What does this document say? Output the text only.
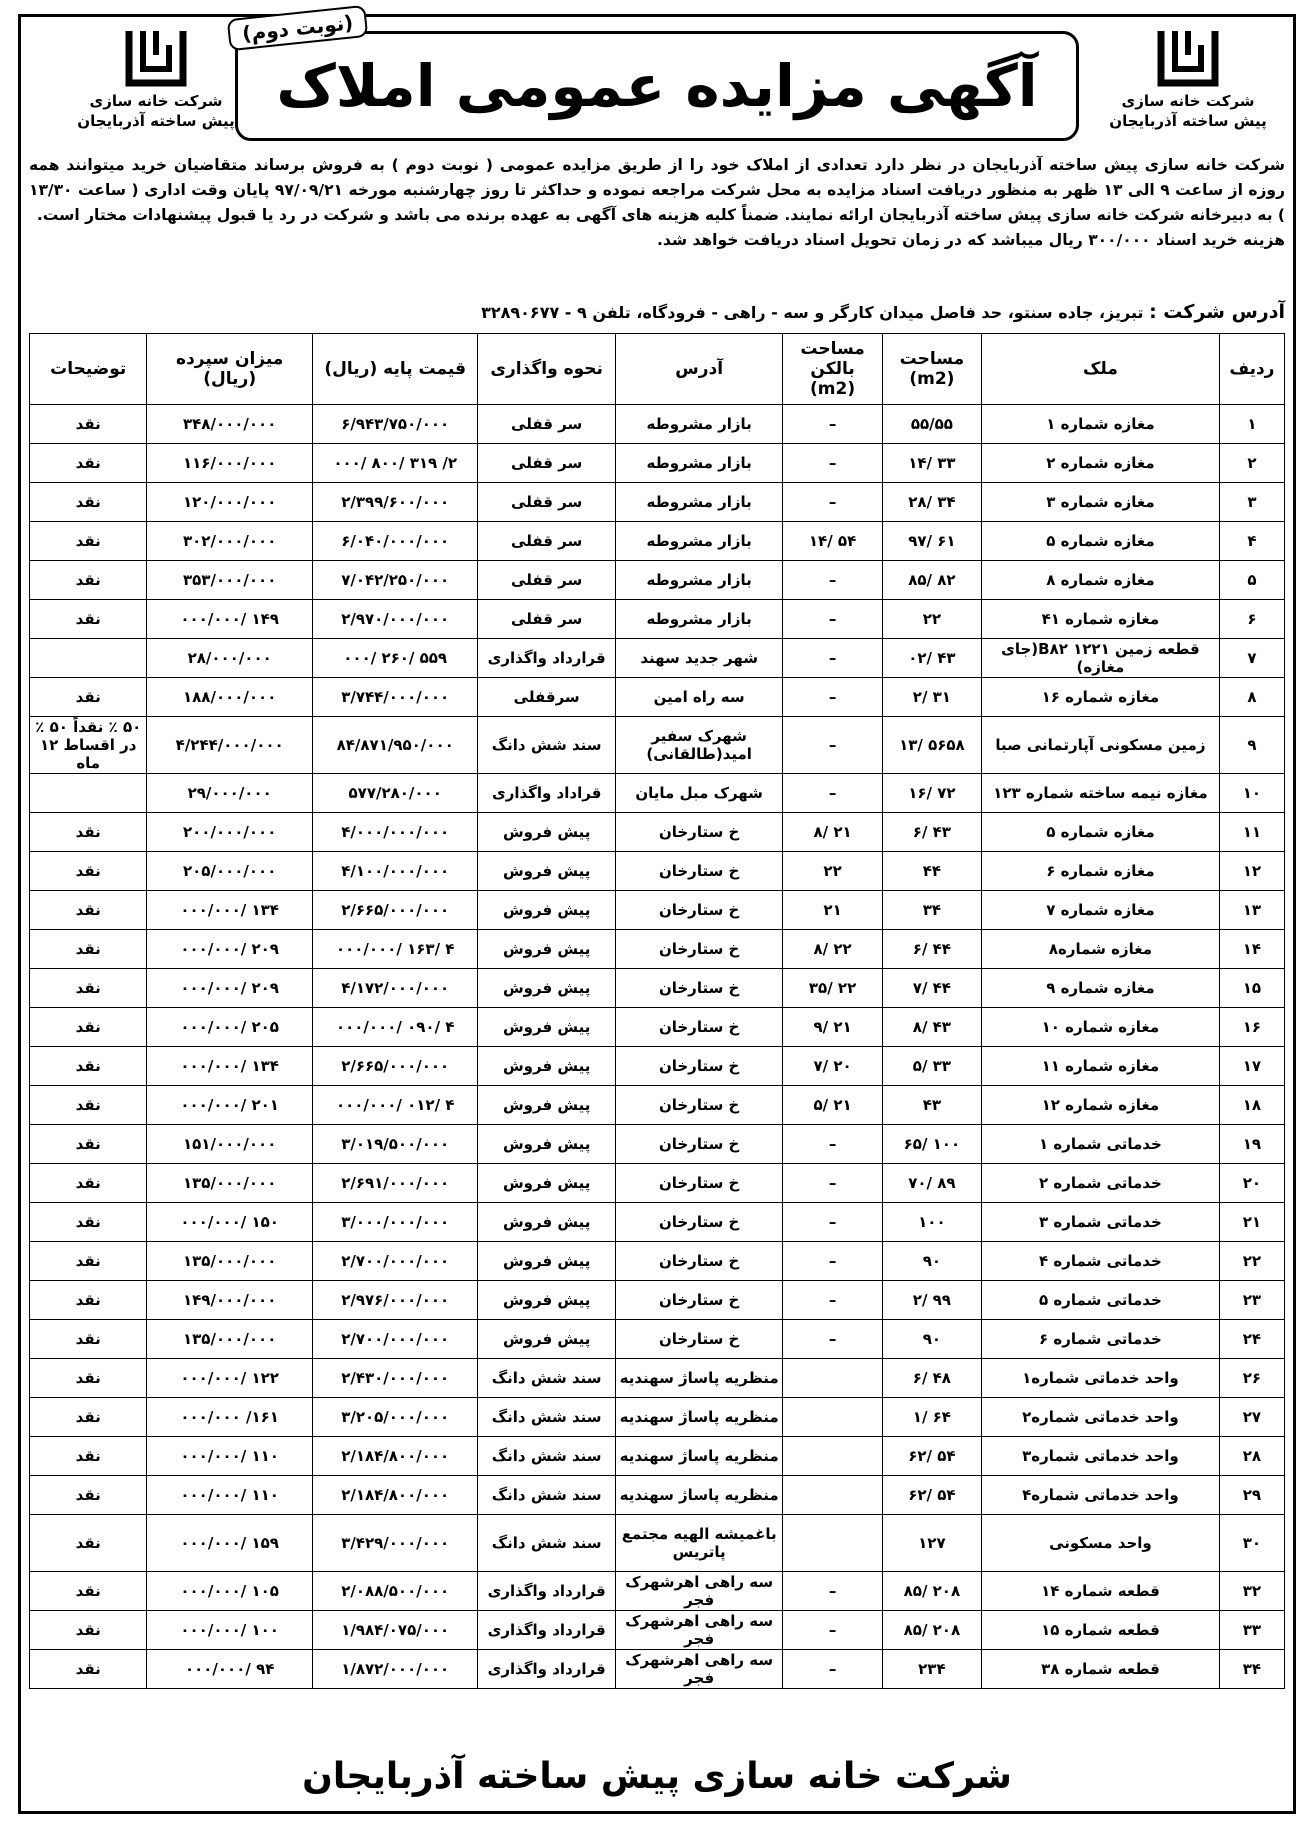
شرکت خانه سازی
پیش ساخته آذربایجان
شرکت خانه سازی
پیش ساخته آذربایجان
(نوبت دوم)
آگهی مزایده عمومی املاک

شرکت خانه سازی پیش ساخته آذربایجان در نظر دارد تعدادی از املاک خود را از طریق مزایده عمومی ( نوبت دوم ) به فروش برساند متقاضیان خرید میتوانند همه روزه از ساعت ۹ الی ۱۳ ظهر به منظور دریافت اسناد مزایده به محل شرکت مراجعه نموده و حداکثر تا روز چهارشنبه مورخه ۹۷/۰۹/۲۱ پایان وقت اداری ( ساعت ۱۳/۳۰ ) به دبیرخانه شرکت خانه سازی پیش ساخته آذربایجان ارائه نمایند. ضمناً کلیه هزینه های آگهی به عهده برنده می باشد و شرکت در رد یا قبول پیشنهادات مختار است.

هزینه خرید اسناد ۳۰۰/۰۰۰ ریال میباشد که در زمان تحویل اسناد دریافت خواهد شد.

آدرس شرکت : تبریز، جاده سنتو، حد فاصل میدان کارگر و سه - راهی - فرودگاه، تلفن ۹ - ۳۲۸۹۰۶۷۷
ردیف	ملک	مساحت (m2)	مساحت بالکن (m2)	آدرس	نحوه واگذاری	قیمت پایه (ریال)	میزان سپرده (ریال)	توضیحات
۱	مغازه شماره ۱	۵۵/۵۵	–	بازار مشروطه	سر قفلی	۶/۹۴۳/۷۵۰/۰۰۰	۳۴۸/۰۰۰/۰۰۰	نقد
۲	مغازه شماره ۲	۳۳ /۱۴	–	بازار مشروطه	سر قفلی	۲/ ۳۱۹ /۸۰۰ /۰۰۰	۱۱۶/۰۰۰/۰۰۰	نقد
۳	مغازه شماره ۳	۳۴ /۲۸	–	بازار مشروطه	سر قفلی	۲/۳۹۹/۶۰۰/۰۰۰	۱۲۰/۰۰۰/۰۰۰	نقد
۴	مغازه شماره ۵	۶۱ /۹۷	۵۴ /۱۴	بازار مشروطه	سر قفلی	۶/۰۴۰/۰۰۰/۰۰۰	۳۰۲/۰۰۰/۰۰۰	نقد
۵	مغازه شماره ۸	۸۲ /۸۵	–	بازار مشروطه	سر قفلی	۷/۰۴۲/۲۵۰/۰۰۰	۳۵۳/۰۰۰/۰۰۰	نقد
۶	مغازه شماره ۴۱	۲۲	–	بازار مشروطه	سر قفلی	۲/۹۷۰/۰۰۰/۰۰۰	۱۴۹ /۰۰۰/۰۰۰	نقد
۷	قطعه زمین ۱۲۲۱ B۸۲(جای مغازه)	۴۳ /۰۲	–	شهر جدید سهند	قرارداد واگذاری	۵۵۹ /۲۶۰ /۰۰۰	۲۸/۰۰۰/۰۰۰	
۸	مغازه شماره ۱۶	۳۱ /۲	–	سه راه امین	سرقفلی	۳/۷۴۴/۰۰۰/۰۰۰	۱۸۸/۰۰۰/۰۰۰	نقد
۹	زمین مسکونی آپارتمانی صبا	۵۶۵۸ /۱۳	–	شهرک سفیر امید(طالقانی)	سند شش دانگ	۸۴/۸۷۱/۹۵۰/۰۰۰	۴/۲۴۴/۰۰۰/۰۰۰	۵۰ ٪ نقداً ۵۰ ٪ در اقساط ۱۲ ماه
۱۰	مغازه نیمه ساخته شماره ۱۲۳	۷۲ /۱۶	–	شهرک مبل مایان	قراداد واگذاری	۵۷۷/۲۸۰/۰۰۰	۲۹/۰۰۰/۰۰۰	
۱۱	مغازه شماره ۵	۴۳ /۶	۲۱ /۸	خ ستارخان	پیش فروش	۴/۰۰۰/۰۰۰/۰۰۰	۲۰۰/۰۰۰/۰۰۰	نقد
۱۲	مغازه شماره ۶	۴۴	۲۲	خ ستارخان	پیش فروش	۴/۱۰۰/۰۰۰/۰۰۰	۲۰۵/۰۰۰/۰۰۰	نقد
۱۳	مغازه شماره ۷	۳۴	۲۱	خ ستارخان	پیش فروش	۲/۶۶۵/۰۰۰/۰۰۰	۱۳۴ /۰۰۰/۰۰۰	نقد
۱۴	مغازه شماره۸	۴۴ /۶	۲۲ /۸	خ ستارخان	پیش فروش	۴ /۱۶۳ /۰۰۰/۰۰۰	۲۰۹ /۰۰۰/۰۰۰	نقد
۱۵	مغازه شماره ۹	۴۴ /۷	۲۲ /۳۵	خ ستارخان	پیش فروش	۴/۱۷۲/۰۰۰/۰۰۰	۲۰۹ /۰۰۰/۰۰۰	نقد
۱۶	مغازه شماره ۱۰	۴۳ /۸	۲۱ /۹	خ ستارخان	پیش فروش	۴ /۰۹۰ /۰۰۰/۰۰۰	۲۰۵ /۰۰۰/۰۰۰	نقد
۱۷	مغازه شماره ۱۱	۳۳ /۵	۲۰ /۷	خ ستارخان	پیش فروش	۲/۶۶۵/۰۰۰/۰۰۰	۱۳۴ /۰۰۰/۰۰۰	نقد
۱۸	مغازه شماره ۱۲	۴۳	۲۱ /۵	خ ستارخان	پیش فروش	۴ /۰۱۲ /۰۰۰/۰۰۰	۲۰۱ /۰۰۰/۰۰۰	نقد
۱۹	خدماتی شماره ۱	۱۰۰ /۶۵	–	خ ستارخان	پیش فروش	۳/۰۱۹/۵۰۰/۰۰۰	۱۵۱/۰۰۰/۰۰۰	نقد
۲۰	خدماتی شماره ۲	۸۹ /۷۰	–	خ ستارخان	پیش فروش	۲/۶۹۱/۰۰۰/۰۰۰	۱۳۵/۰۰۰/۰۰۰	نقد
۲۱	خدماتی شماره ۳	۱۰۰	–	خ ستارخان	پیش فروش	۳/۰۰۰/۰۰۰/۰۰۰	۱۵۰ /۰۰۰/۰۰۰	نقد
۲۲	خدماتی شماره ۴	۹۰	–	خ ستارخان	پیش فروش	۲/۷۰۰/۰۰۰/۰۰۰	۱۳۵/۰۰۰/۰۰۰	نقد
۲۳	خدماتی شماره ۵	۹۹ /۲	–	خ ستارخان	پیش فروش	۲/۹۷۶/۰۰۰/۰۰۰	۱۴۹/۰۰۰/۰۰۰	نقد
۲۴	خدماتی شماره ۶	۹۰	–	خ ستارخان	پیش فروش	۲/۷۰۰/۰۰۰/۰۰۰	۱۳۵/۰۰۰/۰۰۰	نقد
۲۶	واحد خدماتی شماره۱	۴۸ /۶		منظریه پاساژ سهندیه	سند شش دانگ	۲/۴۳۰/۰۰۰/۰۰۰	۱۲۲ /۰۰۰/۰۰۰	نقد
۲۷	واحد خدماتی شماره۲	۶۴ /۱		منظریه پاساژ سهندیه	سند شش دانگ	۳/۲۰۵/۰۰۰/۰۰۰	۱۶۱/ ۰۰۰/۰۰۰	نقد
۲۸	واحد خدماتی شماره۳	۵۴ /۶۲		منظریه پاساژ سهندیه	سند شش دانگ	۲/۱۸۴/۸۰۰/۰۰۰	۱۱۰ /۰۰۰/۰۰۰	نقد
۲۹	واحد خدماتی شماره۴	۵۴ /۶۲		منظریه پاساژ سهندیه	سند شش دانگ	۲/۱۸۴/۸۰۰/۰۰۰	۱۱۰ /۰۰۰/۰۰۰	نقد
۳۰	واحد مسکونی	۱۲۷		باغمیشه الهیه مجتمع پاتریس	سند شش دانگ	۳/۴۲۹/۰۰۰/۰۰۰	۱۵۹ /۰۰۰/۰۰۰	نقد
۳۲	قطعه شماره ۱۴	۲۰۸ /۸۵	–	سه راهی اهرشهرک فجر	قرارداد واگذاری	۲/۰۸۸/۵۰۰/۰۰۰	۱۰۵ /۰۰۰/۰۰۰	نقد
۳۳	قطعه شماره ۱۵	۲۰۸ /۸۵	–	سه راهی اهرشهرک فجر	قرارداد واگذاری	۱/۹۸۴/۰۷۵/۰۰۰	۱۰۰ /۰۰۰/۰۰۰	نقد
۳۴	قطعه شماره ۳۸	۲۳۴	–	سه راهی اهرشهرک فجر	قرارداد واگذاری	۱/۸۷۲/۰۰۰/۰۰۰	۹۴ /۰۰۰/۰۰۰	نقد
شرکت خانه سازی پیش ساخته آذربایجان
